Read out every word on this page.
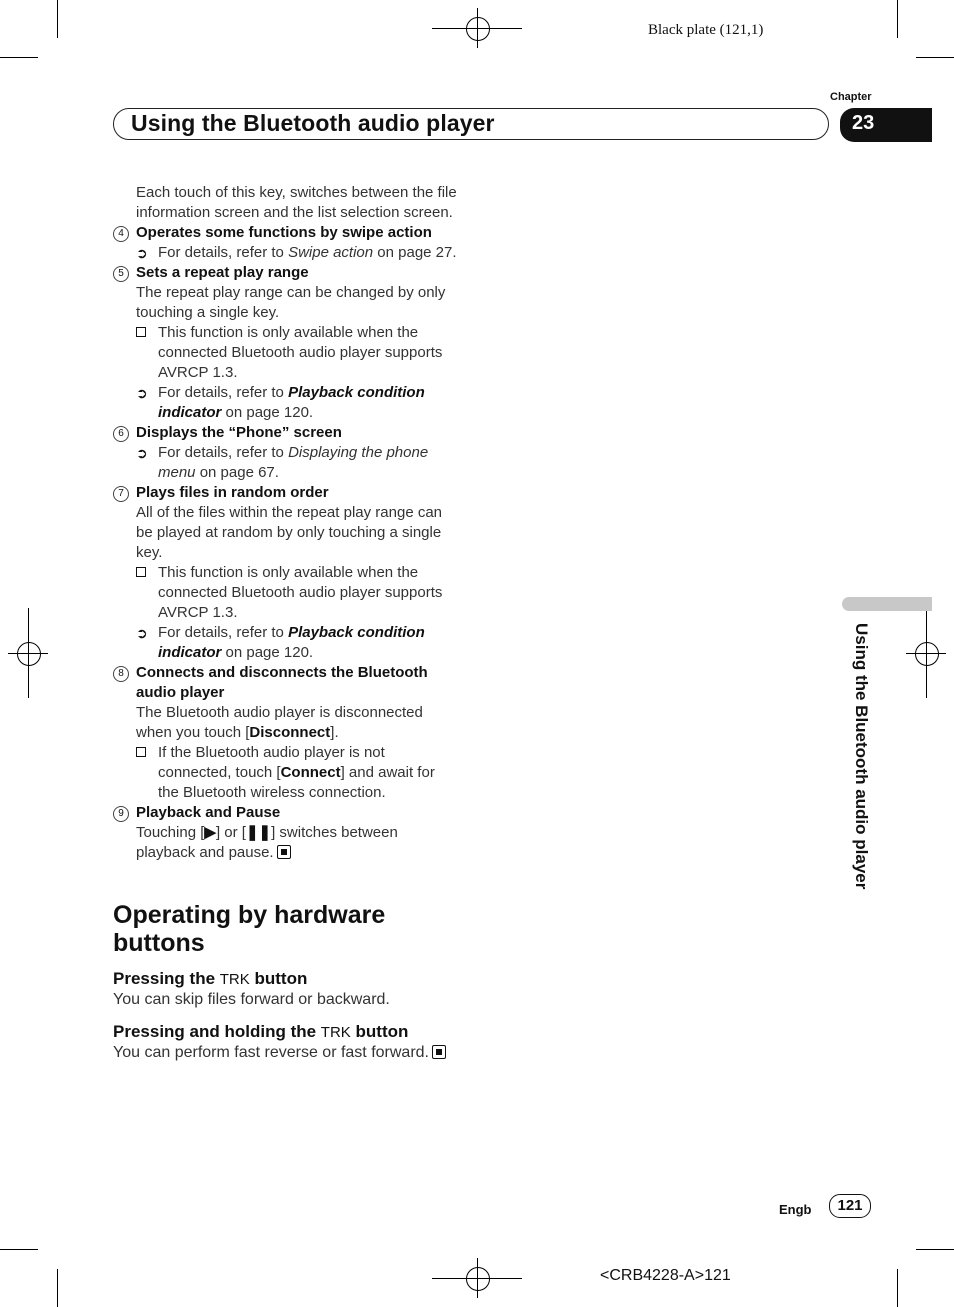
Black plate (121,1)
Chapter
Using the Bluetooth audio player	23
Using the Bluetooth audio player

Each touch of this key, switches between the file information screen and the list selection screen.

4 Operates some functions by swipe action

➲ For details, refer to Swipe action on page 27.

5 Sets a repeat play range

The repeat play range can be changed by only touching a single key.

This function is only available when the connected Bluetooth audio player supports AVRCP 1.3.

➲ For details, refer to Playback condition indicator on page 120.

6 Displays the “Phone” screen

➲ For details, refer to Displaying the phone menu on page 67.

7 Plays files in random order

All of the files within the repeat play range can be played at random by only touching a single key.

This function is only available when the connected Bluetooth audio player supports AVRCP 1.3.

➲ For details, refer to Playback condition indicator on page 120.

8 Connects and disconnects the Bluetooth audio player

The Bluetooth audio player is disconnected when you touch [Disconnect].

If the Bluetooth audio player is not connected, touch [Connect] and await for the Bluetooth wireless connection.

9 Playback and Pause

Touching [▶] or [❚❚] switches between playback and pause.

Operating by hardware buttons
Pressing the TRK button

You can skip files forward or backward.

Pressing and holding the TRK button

You can perform fast reverse or fast forward.

Engb	121
<CRB4228-A>121
